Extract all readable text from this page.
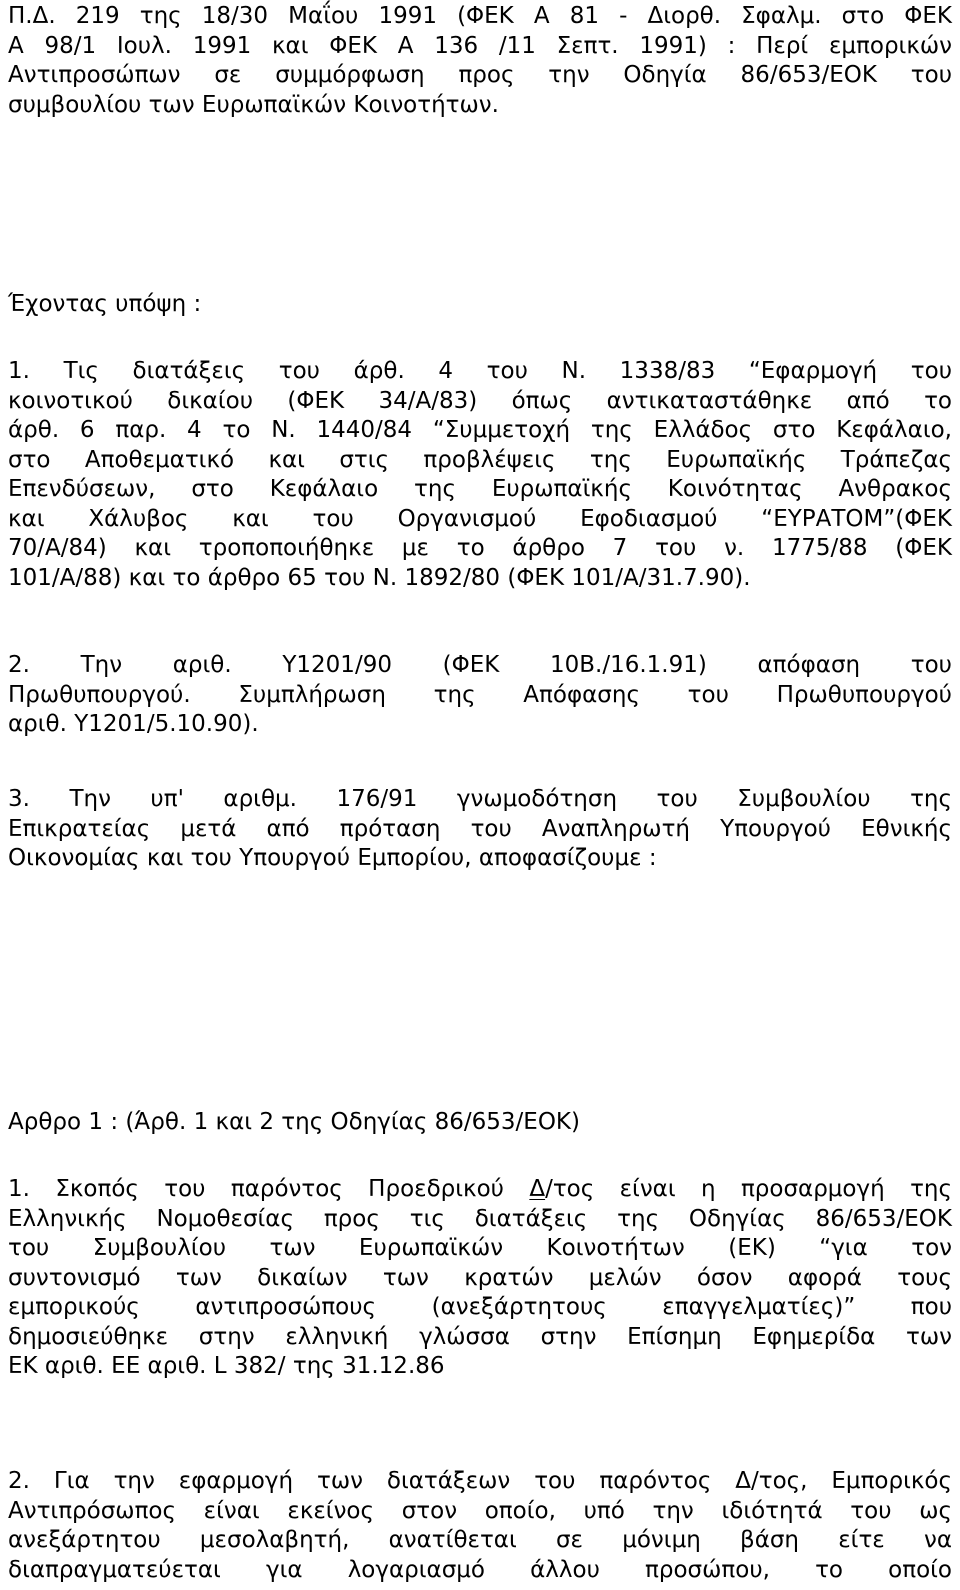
Π.Δ. 219 της 18/30 Μαΐου 1991 (ΦΕΚ Α 81 - Διορθ. Σφαλμ. στο ΦΕΚ
Α 98/1 Ιουλ. 1991 και ΦΕΚ Α 136 /11 Σεπτ. 1991) : Περί εμπορικών
Αντιπροσώπων σε συμμόρφωση προς την Οδηγία 86/653/ΕΟΚ του
συμβουλίου των Ευρωπαϊκών Κοινοτήτων.
Έχοντας υπόψη :
1. Τις διατάξεις του άρθ. 4 του Ν. 1338/83 “Εφαρμογή του
κοινοτικού δικαίου (ΦΕΚ 34/Α/83) όπως αντικαταστάθηκε από το
άρθ. 6 παρ. 4 το Ν. 1440/84 “Συμμετοχή της Ελλάδος στο Κεφάλαιο,
στο Αποθεματικό και στις προβλέψεις της Ευρωπαϊκής Τράπεζας
Επενδύσεων, στο Κεφάλαιο της Ευρωπαϊκής Κοινότητας Ανθρακος
και Χάλυβος και του Οργανισμού Εφοδιασμού “ΕΥΡΑΤΟΜ”(ΦΕΚ
70/Α/84) και τροποποιήθηκε με το άρθρο 7 του ν. 1775/88 (ΦΕΚ
101/Α/88) και το άρθρο 65 του Ν. 1892/80 (ΦΕΚ 101/Α/31.7.90).
2. Την αριθ. Υ1201/90 (ΦΕΚ 10Β./16.1.91) απόφαση του
Πρωθυπουργού. Συμπλήρωση της Απόφασης του Πρωθυπουργού
αριθ. Υ1201/5.10.90).
3. Την υπ' αριθμ. 176/91 γνωμοδότηση του Συμβουλίου της
Επικρατείας μετά από πρόταση του Αναπληρωτή Υπουργού Εθνικής
Οικονομίας και του Υπουργού Εμπορίου, αποφασίζουμε :
Αρθρο 1 : (Άρθ. 1 και 2 της Οδηγίας 86/653/ΕΟΚ)
1. Σκοπός του παρόντος Προεδρικού Δ/τος είναι η προσαρμογή της
Ελληνικής Νομοθεσίας προς τις διατάξεις της Οδηγίας 86/653/ΕΟΚ
του Συμβουλίου των Ευρωπαϊκών Κοινοτήτων (ΕΚ) “για τον
συντονισμό των δικαίων των κρατών μελών όσον αφορά τους
εμπορικούς αντιπροσώπους (ανεξάρτητους επαγγελματίες)” που
δημοσιεύθηκε στην ελληνική γλώσσα στην Επίσημη Εφημερίδα των
ΕΚ αριθ. ΕΕ αριθ. L 382/ της 31.12.86
2. Για την εφαρμογή των διατάξεων του παρόντος Δ/τος, Εμπορικός
Αντιπρόσωπος είναι εκείνος στον οποίο, υπό την ιδιότητά του ως
ανεξάρτητου μεσολαβητή, ανατίθεται σε μόνιμη βάση είτε να
διαπραγματεύεται για λογαριασμό άλλου προσώπου, το οποίο
